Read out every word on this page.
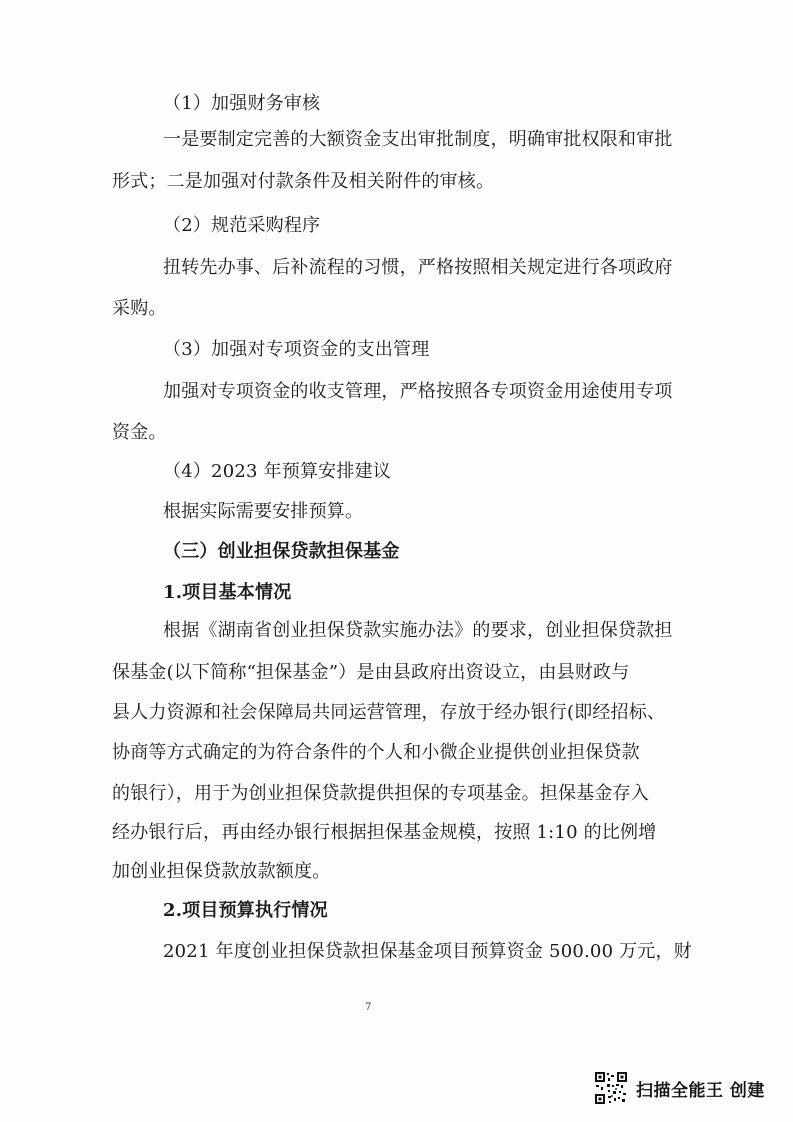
（1）加强财务审核
一是要制定完善的大额资金支出审批制度，明确审批权限和审批
形式；二是加强对付款条件及相关附件的审核。
（2）规范采购程序
扭转先办事、后补流程的习惯，严格按照相关规定进行各项政府
采购。
（3）加强对专项资金的支出管理
加强对专项资金的收支管理，严格按照各专项资金用途使用专项
资金。
（4）2023 年预算安排建议
根据实际需要安排预算。
（三）创业担保贷款担保基金
1.项目基本情况
根据《湖南省创业担保贷款实施办法》的要求，创业担保贷款担
保基金(以下简称“担保基金”）是由县政府出资设立，由县财政与
县人力资源和社会保障局共同运营管理，存放于经办银行(即经招标、
协商等方式确定的为符合条件的个人和小微企业提供创业担保贷款
的银行），用于为创业担保贷款提供担保的专项基金。担保基金存入
经办银行后，再由经办银行根据担保基金规模，按照 1:10 的比例增
加创业担保贷款放款额度。
2.项目预算执行情况
2021 年度创业担保贷款担保基金项目预算资金 500.00 万元，财
7
扫描全能王 创建
